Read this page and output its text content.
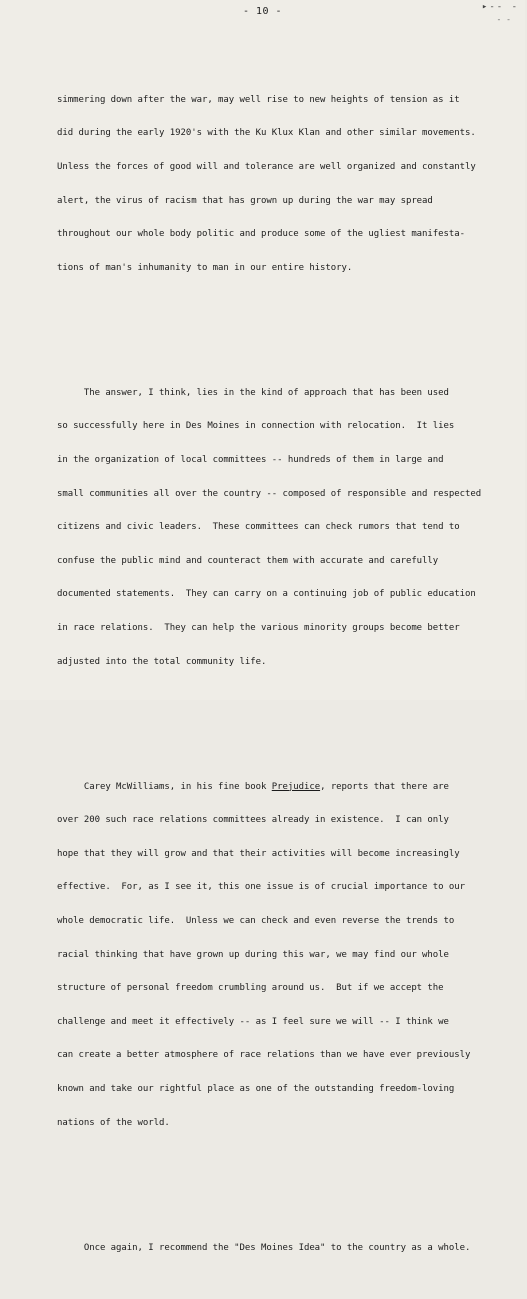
▸‑‑ ‑
- -
- 10 -

simmering down after the war, may well rise to new heights of tension as it

did during the early 1920's with the Ku Klux Klan and other similar movements.

Unless the forces of good will and tolerance are well organized and constantly

alert, the virus of racism that has grown up during the war may spread

throughout our whole body politic and produce some of the ugliest manifesta-

tions of man's inhumanity to man in our entire history.

The answer, I think, lies in the kind of approach that has been used

so successfully here in Des Moines in connection with relocation.  It lies

in the organization of local committees -- hundreds of them in large and

small communities all over the country -- composed of responsible and respected

citizens and civic leaders.  These committees can check rumors that tend to

confuse the public mind and counteract them with accurate and carefully

documented statements.  They can carry on a continuing job of public education

in race relations.  They can help the various minority groups become better

adjusted into the total community life.

Carey McWilliams, in his fine book Prejudice, reports that there are

over 200 such race relations committees already in existence.  I can only

hope that they will grow and that their activities will become increasingly

effective.  For, as I see it, this one issue is of crucial importance to our

whole democratic life.  Unless we can check and even reverse the trends to

racial thinking that have grown up during this war, we may find our whole

structure of personal freedom crumbling around us.  But if we accept the

challenge and meet it effectively -- as I feel sure we will -- I think we

can create a better atmosphere of race relations than we have ever previously

known and take our rightful place as one of the outstanding freedom-loving

nations of the world.

Once again, I recommend the "Des Moines Idea" to the country as a whole.
